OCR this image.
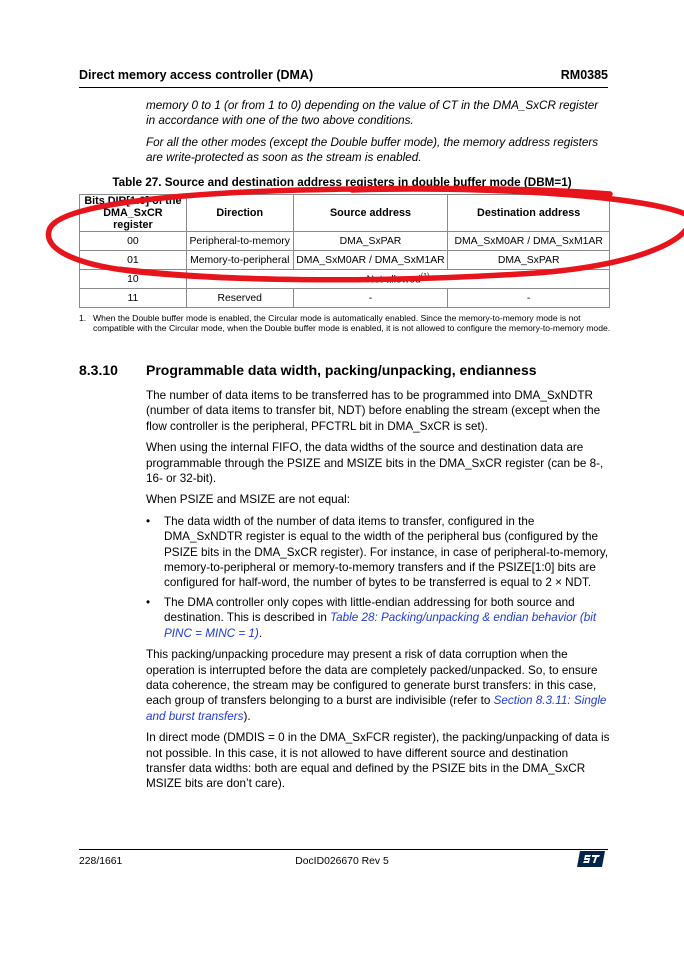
Direct memory access controller (DMA)	RM0385

memory 0 to 1 (or from 1 to 0) depending on the value of CT in the DMA_SxCR register in accordance with one of the two above conditions.

For all the other modes (except the Double buffer mode), the memory address registers are write-protected as soon as the stream is enabled.

Table 27. Source and destination address registers in double buffer mode (DBM=1)
Bits DIR[1:0] of the DMA_SxCR register	Direction	Source address	Destination address
00	Peripheral-to-memory	DMA_SxPAR	DMA_SxM0AR / DMA_SxM1AR
01	Memory-to-peripheral	DMA_SxM0AR / DMA_SxM1AR	DMA_SxPAR
10	Not allowed$^{(1)}$
11	Reserved	-	-
1. When the Double buffer mode is enabled, the Circular mode is automatically enabled. Since the memory-to-memory mode is not compatible with the Circular mode, when the Double buffer mode is enabled, it is not allowed to configure the memory-to-memory mode.
8.3.10 Programmable data width, packing/unpacking, endianness

The number of data items to be transferred has to be programmed into DMA_SxNDTR (number of data items to transfer bit, NDT) before enabling the stream (except when the flow controller is the peripheral, PFCTRL bit in DMA_SxCR is set).

When using the internal FIFO, the data widths of the source and destination data are programmable through the PSIZE and MSIZE bits in the DMA_SxCR register (can be 8-, 16- or 32-bit).

When PSIZE and MSIZE are not equal:

• The data width of the number of data items to transfer, configured in the DMA_SxNDTR register is equal to the width of the peripheral bus (configured by the PSIZE bits in the DMA_SxCR register). For instance, in case of peripheral-to-memory, memory-to-peripheral or memory-to-memory transfers and if the PSIZE[1:0] bits are configured for half-word, the number of bytes to be transferred is equal to 2 × NDT.
• The DMA controller only copes with little-endian addressing for both source and destination. This is described in Table 28: Packing/unpacking & endian behavior (bit PINC = MINC = 1).

This packing/unpacking procedure may present a risk of data corruption when the operation is interrupted before the data are completely packed/unpacked. So, to ensure data coherence, the stream may be configured to generate burst transfers: in this case, each group of transfers belonging to a burst are indivisible (refer to Section 8.3.11: Single and burst transfers).

In direct mode (DMDIS = 0 in the DMA_SxFCR register), the packing/unpacking of data is not possible. In this case, it is not allowed to have different source and destination transfer data widths: both are equal and defined by the PSIZE bits in the DMA_SxCR MSIZE bits are don’t care).

228/1661	DocID026670 Rev 5
